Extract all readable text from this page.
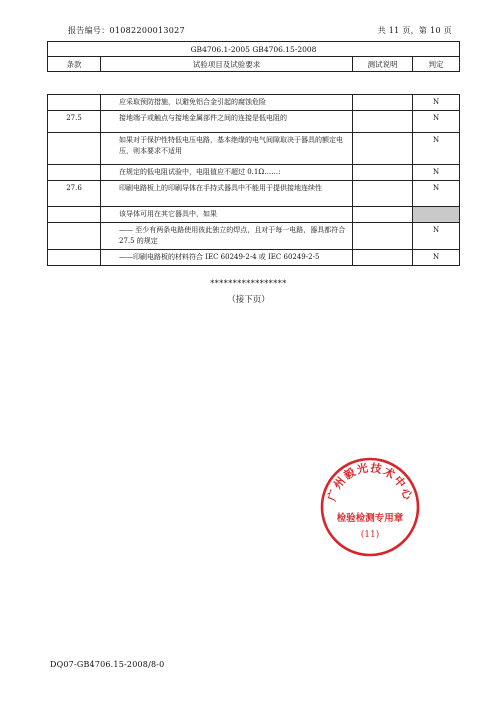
报告编号：01082200013027	共 11 页，第 10 页
GB4706.1-2005 GB4706.15-2008
条款	试验项目及试验要求	测试说明	判定

	应采取预防措施，以避免铝合金引起的腐蚀危险		N
27.5	接地端子或触点与接地金属部件之间的连接是低电阻的		N

	如果对于保护性特低电压电路，基本绝缘的电气间隙取决于器具的额定电压，则本要求不适用		N

	在规定的低电阻试验中，电阻值应不超过 0.1Ω……:		N
27.6	印刷电路板上的印刷导体在手持式器具中不能用于提供接地连续性		N

	该导体可用在其它器具中，如果		

	—— 至少有两条电路使用彼此独立的焊点，且对于每一电路，器具都符合 27.5 的规定		N

	——印刷电路板的材料符合 IEC 60249-2-4 或 IEC 60249-2-5		N
*****************
（接下页）
广州毅光技术中心
检验检测专用章
(11)
DQ07-GB4706.15-2008/8-0
